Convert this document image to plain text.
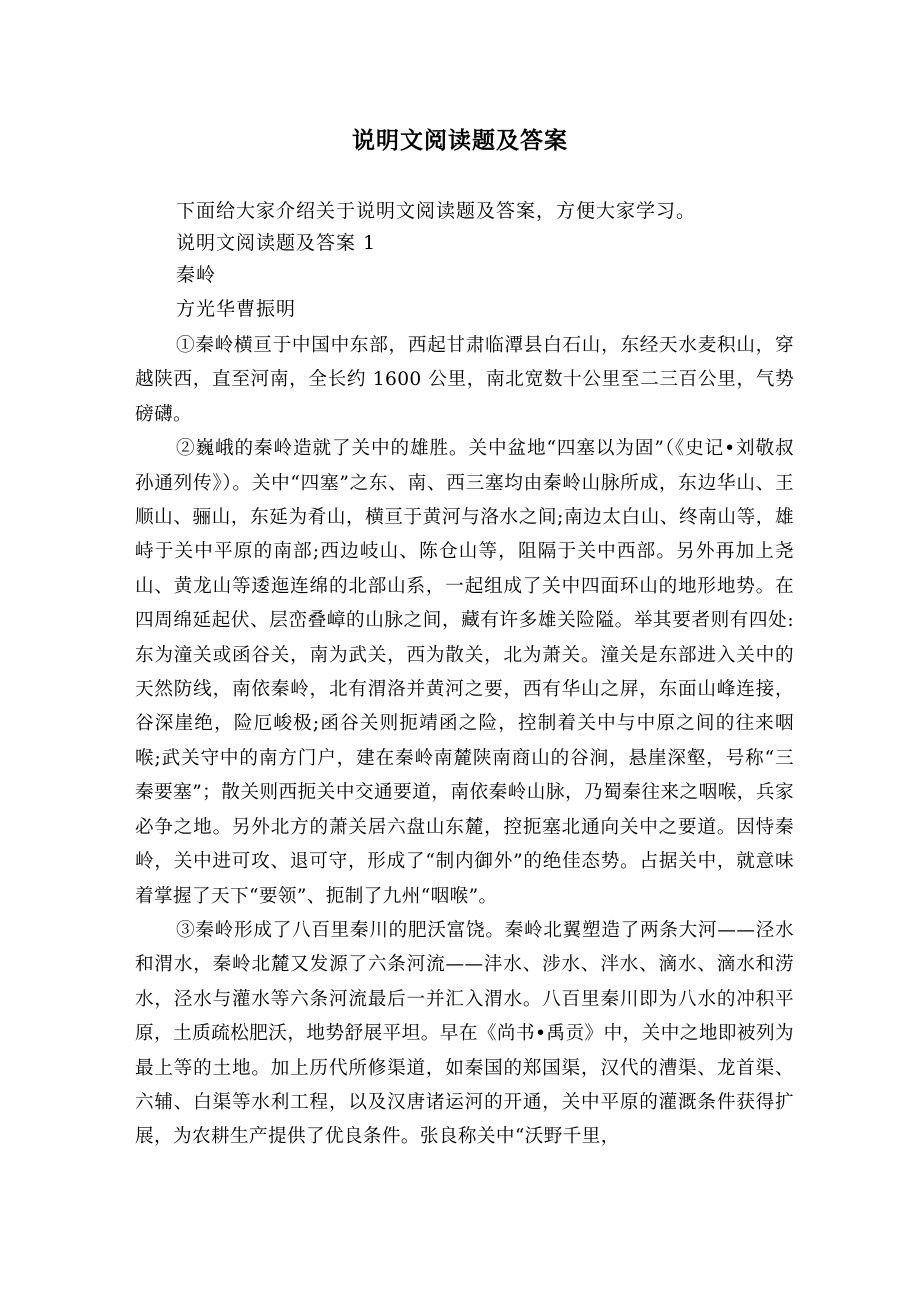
说明文阅读题及答案
下面给大家介绍关于说明文阅读题及答案，方便大家学习。
说明文阅读题及答案 1
秦岭
方光华曹振明

①秦岭横亘于中国中东部，西起甘肃临潭县白石山，东经天水麦积山，穿越陕西，直至河南，全长约 1600 公里，南北宽数十公里至二三百公里，气势磅礴。

②巍峨的秦岭造就了关中的雄胜。关中盆地“四塞以为固”（《史记•刘敬叔孙通列传》）。关中“四塞”之东、南、西三塞均由秦岭山脉所成，东边华山、王顺山、骊山，东延为肴山，横亘于黄河与洛水之间;南边太白山、终南山等，雄峙于关中平原的南部;西边岐山、陈仓山等，阻隔于关中西部。另外再加上尧山、黄龙山等逶迤连绵的北部山系，一起组成了关中四面环山的地形地势。在四周绵延起伏、层峦叠嶂的山脉之间，藏有许多雄关险隘。举其要者则有四处:东为潼关或函谷关，南为武关，西为散关，北为萧关。潼关是东部进入关中的天然防线，南依秦岭，北有渭洛并黄河之要，西有华山之屏，东面山峰连接，谷深崖绝，险厄峻极;函谷关则扼靖函之险，控制着关中与中原之间的往来咽喉;武关守中的南方门户，建在秦岭南麓陕南商山的谷涧，悬崖深壑，号称“三秦要塞”；散关则西扼关中交通要道，南依秦岭山脉，乃蜀秦往来之咽喉，兵家必争之地。另外北方的萧关居六盘山东麓，控扼塞北通向关中之要道。因恃秦岭，关中进可攻、退可守，形成了“制内御外”的绝佳态势。占据关中，就意味着掌握了天下“要领”、扼制了九州“咽喉”。

③秦岭形成了八百里秦川的肥沃富饶。秦岭北翼塑造了两条大河——泾水和渭水，秦岭北麓又发源了六条河流——沣水、涉水、泮水、滴水、滴水和涝水，泾水与灌水等六条河流最后一并汇入渭水。八百里秦川即为八水的冲积平原，土质疏松肥沃，地势舒展平坦。早在《尚书•禹贡》中，关中之地即被列为最上等的土地。加上历代所修渠道，如秦国的郑国渠，汉代的漕渠、龙首渠、六辅、白渠等水利工程，以及汉唐诸运河的开通，关中平原的灌溉条件获得扩展，为农耕生产提供了优良条件。张良称关中“沃野千里，
